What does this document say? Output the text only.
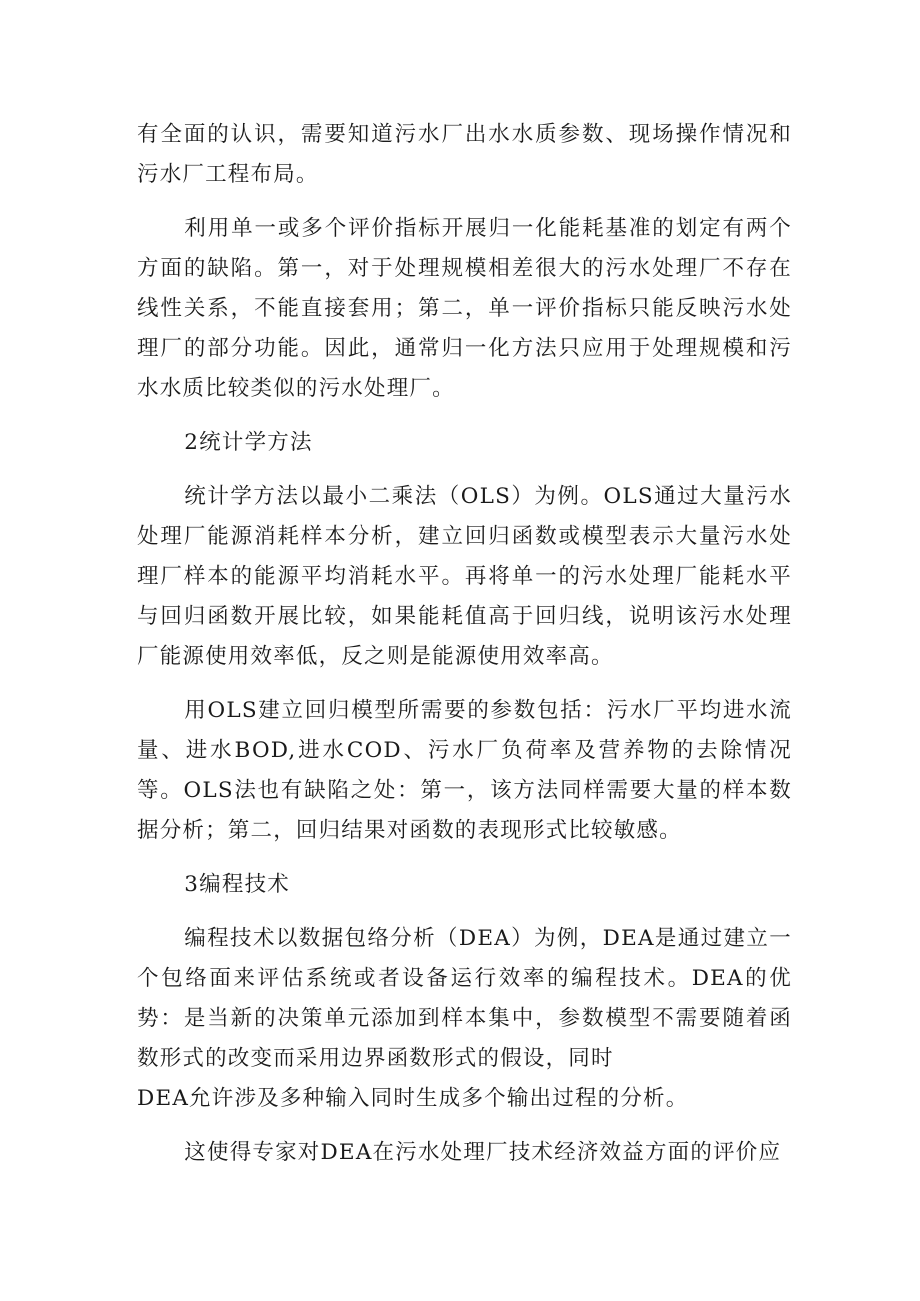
有全面的认识，需要知道污水厂出水水质参数、现场操作情况和污水厂工程布局。

利用单一或多个评价指标开展归一化能耗基准的划定有两个方面的缺陷。第一，对于处理规模相差很大的污水处理厂不存在线性关系，不能直接套用；第二，单一评价指标只能反映污水处理厂的部分功能。因此，通常归一化方法只应用于处理规模和污水水质比较类似的污水处理厂。

2统计学方法

统计学方法以最小二乘法（OLS）为例。OLS通过大量污水处理厂能源消耗样本分析，建立回归函数或模型表示大量污水处理厂样本的能源平均消耗水平。再将单一的污水处理厂能耗水平与回归函数开展比较，如果能耗值高于回归线，说明该污水处理厂能源使用效率低，反之则是能源使用效率高。

用OLS建立回归模型所需要的参数包括：污水厂平均进水流量、进水BOD,进水COD、污水厂负荷率及营养物的去除情况等。OLS法也有缺陷之处：第一，该方法同样需要大量的样本数据分析；第二，回归结果对函数的表现形式比较敏感。

3编程技术

编程技术以数据包络分析（DEA）为例，DEA是通过建立一个包络面来评估系统或者设备运行效率的编程技术。DEA的优势：是当新的决策单元添加到样本集中，参数模型不需要随着函数形式的改变而采用边界函数形式的假设，同时

DEA允许涉及多种输入同时生成多个输出过程的分析。

这使得专家对DEA在污水处理厂技术经济效益方面的评价应
